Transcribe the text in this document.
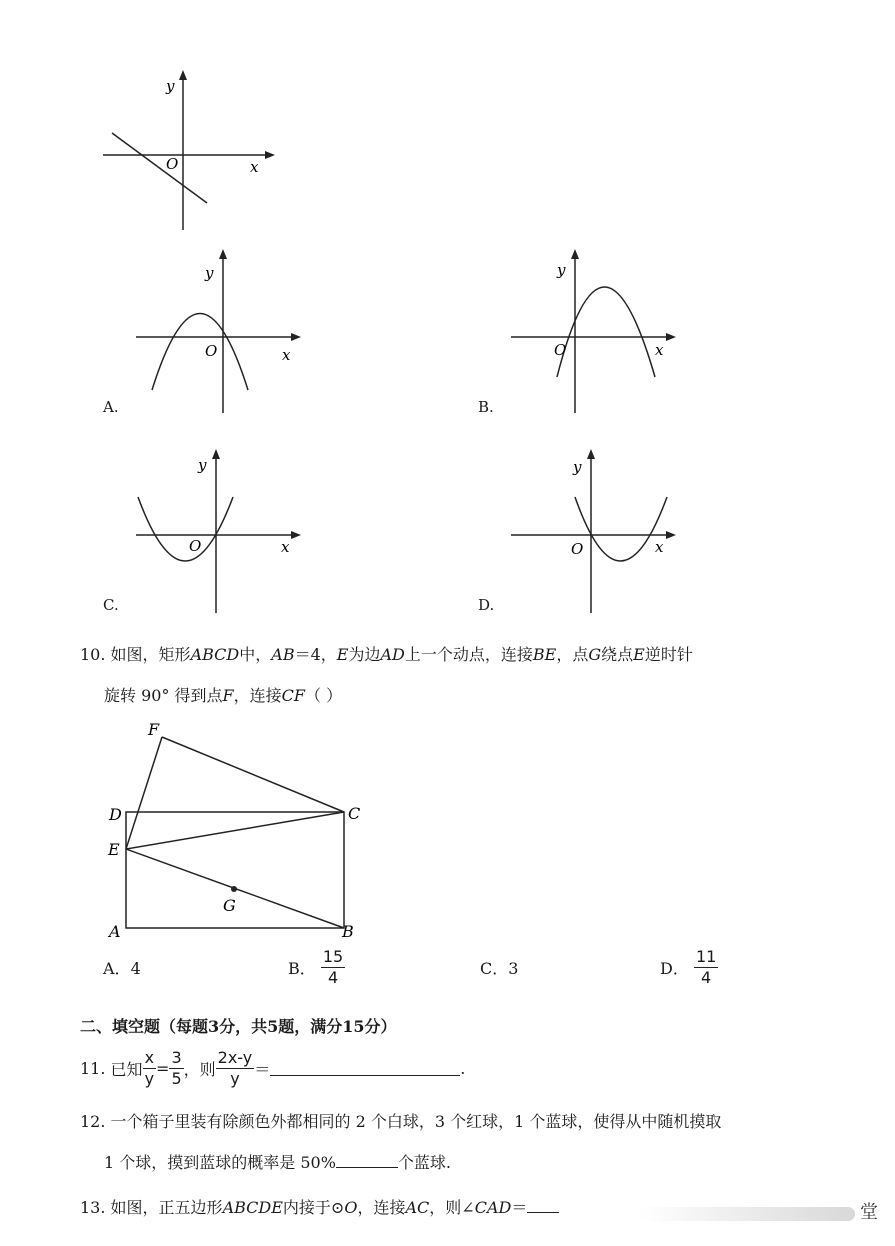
O	x
y
O	x
y
A.
O	x
y
B.
O	x
y
C.
O	x
y
D.
10. 如图，矩形ABCD中，AB＝4，E为边AD上一个动点，连接BE，点G绕点E逆时针
旋转 90° 得到点F，连接CF（ ）
F
D	C
E
G
A	B
A．4	B． $\frac{15}{4}$	C．3	D． $\frac{11}{4}$
二、填空题（每题3分，共5题，满分15分）
11. 已知 $\frac{x}{y} = \frac{3}{5}$ ，则 $\frac{2x-y}{y}$ ＝	.
12. 一个箱子里装有除颜色外都相同的 2 个白球，3 个红球，1 个蓝球，使得从中随机摸取
1 个球，摸到蓝球的概率是 50%	个蓝球.
13. 如图，正五边形ABCDE内接于⊙O，连接AC，则∠CAD＝	堂
